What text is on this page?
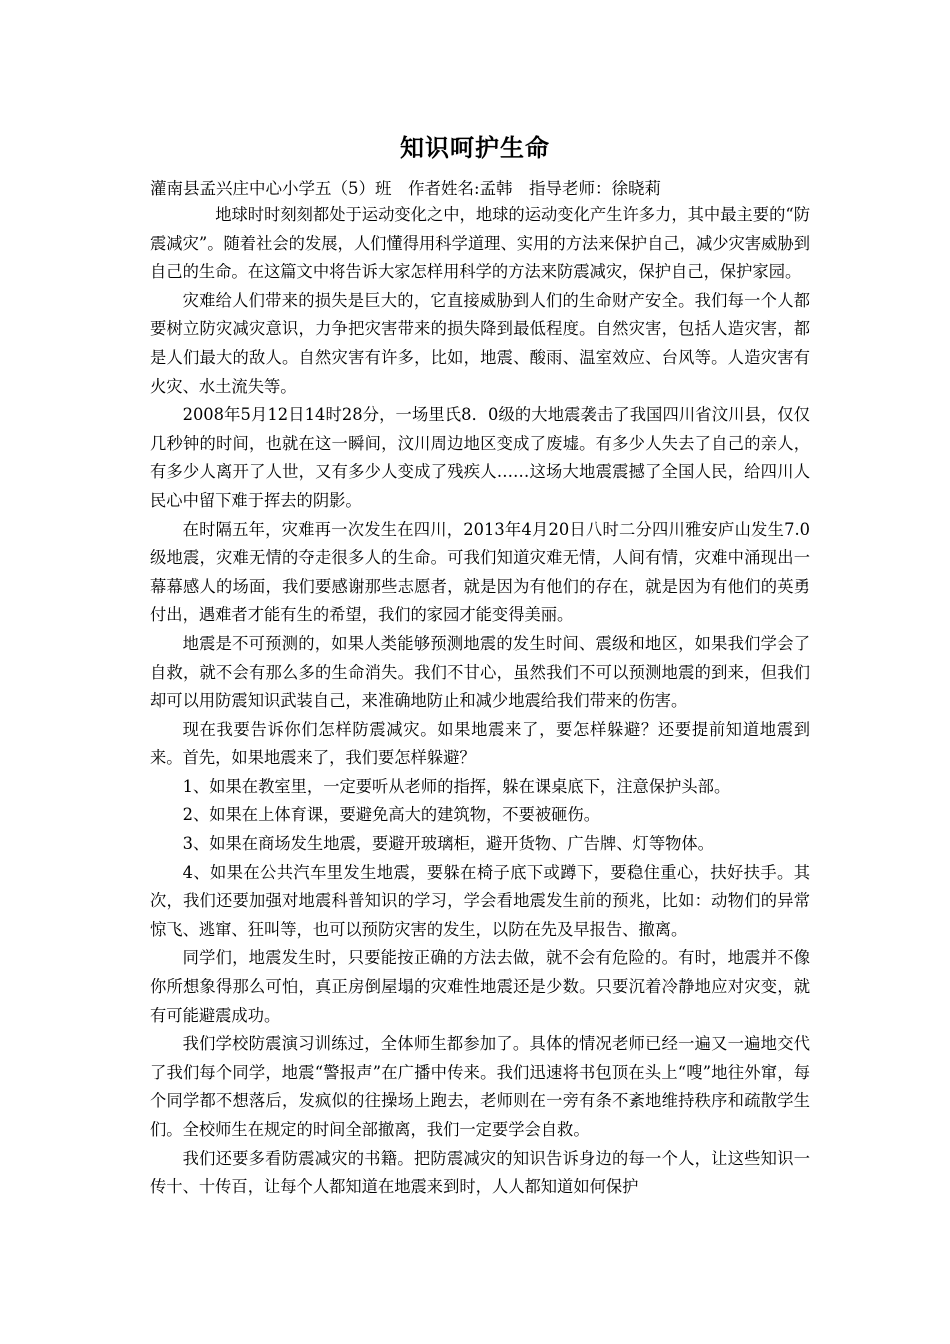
知识呵护生命
灌南县孟兴庄中心小学五（5）班　作者姓名:孟韩　指导老师：徐晓莉

地球时时刻刻都处于运动变化之中，地球的运动变化产生许多力，其中最主要的“防震减灾”。随着社会的发展，人们懂得用科学道理、实用的方法来保护自己，减少灾害威胁到自己的生命。在这篇文中将告诉大家怎样用科学的方法来防震减灾，保护自己，保护家园。

灾难给人们带来的损失是巨大的，它直接威胁到人们的生命财产安全。我们每一个人都要树立防灾减灾意识，力争把灾害带来的损失降到最低程度。自然灾害，包括人造灾害，都是人们最大的敌人。自然灾害有许多，比如，地震、酸雨、温室效应、台风等。人造灾害有火灾、水土流失等。

2008年5月12日14时28分，一场里氏8．0级的大地震袭击了我国四川省汶川县，仅仅几秒钟的时间，也就在这一瞬间，汶川周边地区变成了废墟。有多少人失去了自己的亲人，有多少人离开了人世，又有多少人变成了残疾人……这场大地震震撼了全国人民，给四川人民心中留下难于挥去的阴影。

在时隔五年，灾难再一次发生在四川，2013年4月20日八时二分四川雅安庐山发生7.0级地震，灾难无情的夺走很多人的生命。可我们知道灾难无情，人间有情，灾难中涌现出一幕幕感人的场面，我们要感谢那些志愿者，就是因为有他们的存在，就是因为有他们的英勇付出，遇难者才能有生的希望，我们的家园才能变得美丽。

地震是不可预测的，如果人类能够预测地震的发生时间、震级和地区，如果我们学会了自救，就不会有那么多的生命消失。我们不甘心，虽然我们不可以预测地震的到来，但我们却可以用防震知识武装自己，来准确地防止和减少地震给我们带来的伤害。

现在我要告诉你们怎样防震减灾。如果地震来了，要怎样躲避？还要提前知道地震到来。首先，如果地震来了，我们要怎样躲避？

1、如果在教室里，一定要听从老师的指挥，躲在课桌底下，注意保护头部。

2、如果在上体育课，要避免高大的建筑物，不要被砸伤。

3、如果在商场发生地震，要避开玻璃柜，避开货物、广告牌、灯等物体。

4、如果在公共汽车里发生地震，要躲在椅子底下或蹲下，要稳住重心，扶好扶手。其次，我们还要加强对地震科普知识的学习，学会看地震发生前的预兆，比如：动物们的异常惊飞、逃窜、狂叫等，也可以预防灾害的发生，以防在先及早报告、撤离。

同学们，地震发生时，只要能按正确的方法去做，就不会有危险的。有时，地震并不像你所想象得那么可怕，真正房倒屋塌的灾难性地震还是少数。只要沉着冷静地应对灾变，就有可能避震成功。

我们学校防震演习训练过，全体师生都参加了。具体的情况老师已经一遍又一遍地交代了我们每个同学，地震“警报声”在广播中传来。我们迅速将书包顶在头上“嗖”地往外窜，每个同学都不想落后，发疯似的往操场上跑去，老师则在一旁有条不紊地维持秩序和疏散学生们。全校师生在规定的时间全部撤离，我们一定要学会自救。

我们还要多看防震减灾的书籍。把防震减灾的知识告诉身边的每一个人，让这些知识一传十、十传百，让每个人都知道在地震来到时，人人都知道如何保护
